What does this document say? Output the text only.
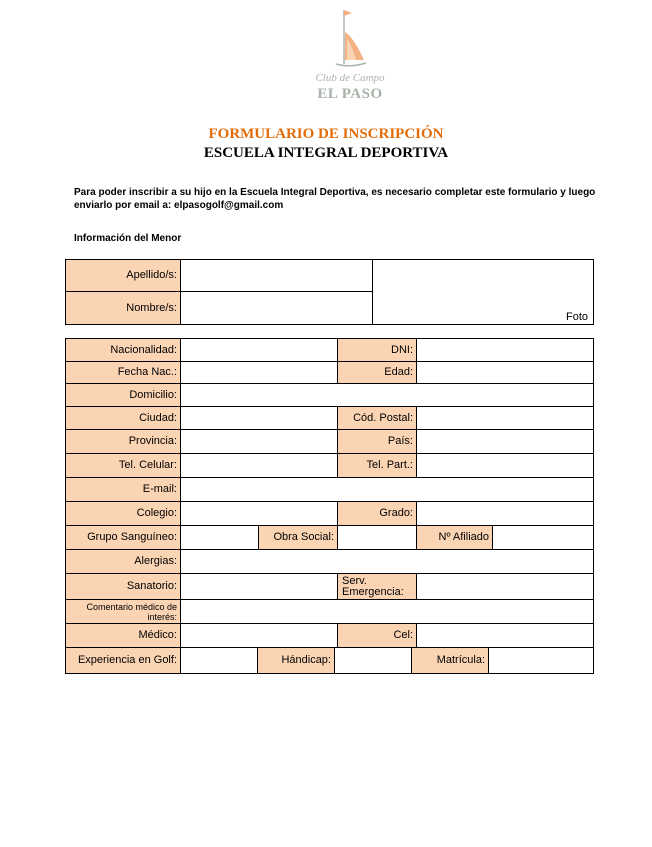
Club de Campo
EL PASO
FORMULARIO DE INSCRIPCIÓN
ESCUELA INTEGRAL DEPORTIVA
Para poder inscribir a su hijo en la Escuela Integral Deportiva, es necesario completar este formulario y luego enviarlo por email a: elpasogolf@gmail.com
Información del Menor
Apellido/s:
Nombre/s:
Foto
Nacionalidad:	DNI:
Fecha Nac.:	Edad:
Domicilio:
Ciudad:	Cód. Postal:
Provincia:	País:
Tel. Celular:	Tel. Part.:
E-mail:
Colegio:	Grado:
Grupo Sanguíneo:	Obra Social:	Nº Afiliado
Alergias:
Sanatorio:	Serv. Emergencia:
Comentario médico de interés:
Médico:	Cel:
Experiencia en Golf:	Hándicap:	Matrícula:
